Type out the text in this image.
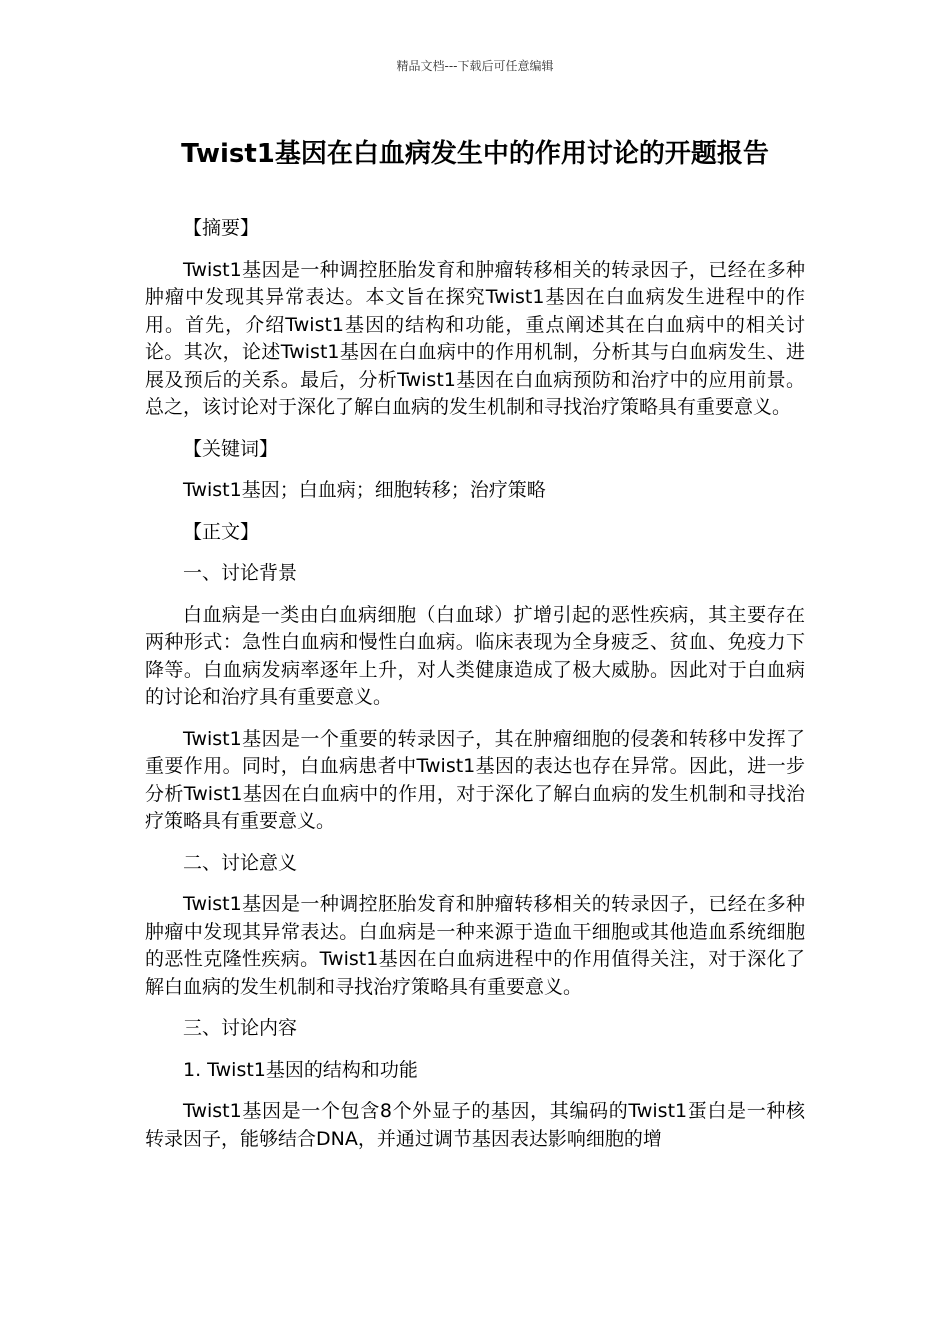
精品文档---下载后可任意编辑
Twist1基因在白血病发生中的作用讨论的开题报告

【摘要】

Twist1基因是一种调控胚胎发育和肿瘤转移相关的转录因子，已经在多种肿瘤中发现其异常表达。本文旨在探究Twist1基因在白血病发生进程中的作用。首先，介绍Twist1基因的结构和功能，重点阐述其在白血病中的相关讨论。其次，论述Twist1基因在白血病中的作用机制，分析其与白血病发生、进展及预后的关系。最后，分析Twist1基因在白血病预防和治疗中的应用前景。总之，该讨论对于深化了解白血病的发生机制和寻找治疗策略具有重要意义。

【关键词】

Twist1基因；白血病；细胞转移；治疗策略

【正文】

一、讨论背景

白血病是一类由白血病细胞（白血球）扩增引起的恶性疾病，其主要存在两种形式：急性白血病和慢性白血病。临床表现为全身疲乏、贫血、免疫力下降等。白血病发病率逐年上升，对人类健康造成了极大威胁。因此对于白血病的讨论和治疗具有重要意义。

Twist1基因是一个重要的转录因子，其在肿瘤细胞的侵袭和转移中发挥了重要作用。同时，白血病患者中Twist1基因的表达也存在异常。因此，进一步分析Twist1基因在白血病中的作用，对于深化了解白血病的发生机制和寻找治疗策略具有重要意义。

二、讨论意义

Twist1基因是一种调控胚胎发育和肿瘤转移相关的转录因子，已经在多种肿瘤中发现其异常表达。白血病是一种来源于造血干细胞或其他造血系统细胞的恶性克隆性疾病。Twist1基因在白血病进程中的作用值得关注，对于深化了解白血病的发生机制和寻找治疗策略具有重要意义。

三、讨论内容

1. Twist1基因的结构和功能

Twist1基因是一个包含8个外显子的基因，其编码的Twist1蛋白是一种核转录因子，能够结合DNA，并通过调节基因表达影响细胞的增
